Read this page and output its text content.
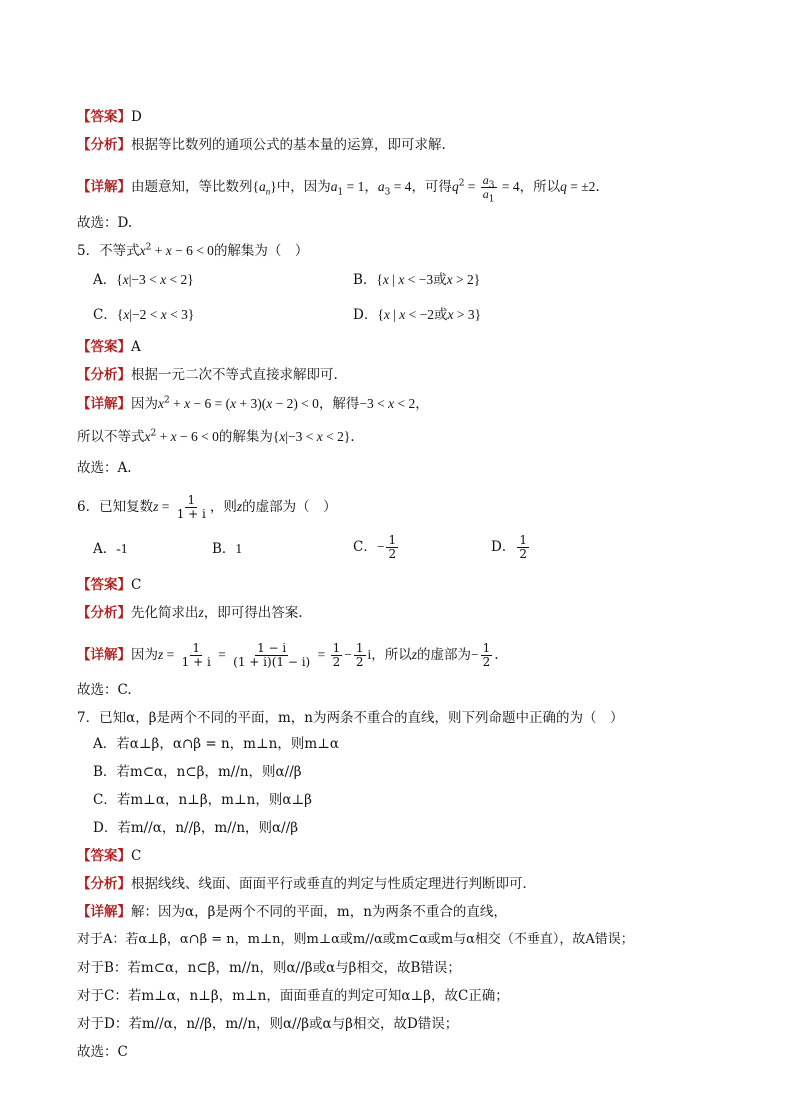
【答案】D
【分析】根据等比数列的通项公式的基本量的运算，即可求解.
【详解】由题意知，等比数列$\{a_n\}$中，因为$a_1 = 1$，$a_3 = 4$，可得$q^2 = \frac{a_3}{a_1} = 4$，所以q = ±2.
故选：D.
5．不等式$x^2 + x - 6 < 0$的解集为（　）
A．{x|−3 < x < 2}	B．{x | x < −3或x > 2}
C．{x|−2 < x < 3}	D．{x | x < −2或x > 3}
【答案】A
【分析】根据一元二次不等式直接求解即可.
【详解】因为$x^2 + x - 6 = (x + 3)(x - 2) < 0$，解得−3 < x < 2，
所以不等式$x^2 + x - 6 < 0$的解集为{x|−3 < x < 2}.
故选：A.
6．已知复数$z = \frac{1}{1 + i}$ ，则z的虚部为（　）
A．-1	B．1	C．− $\frac{1}{2}$	D． $\frac{1}{2}$
【答案】C
【分析】先化简求出z，即可得出答案.
【详解】因为$z = \frac{1}{1 + i} = \frac{1 - i}{(1 + i)(1 - i)} = \frac{1}{2} - \frac{1}{2}$ i，所以z的虚部为− $\frac{1}{2}$ .
故选：C.
7．已知α，β是两个不同的平面，m，n为两条不重合的直线，则下列命题中正确的为（　）
A．若α⊥β，α∩β = n，m⊥n，则m⊥α
B．若m⊂α，n⊂β，m//n，则α//β
C．若m⊥α，n⊥β，m⊥n，则α⊥β
D．若m//α，n//β，m//n，则α//β
【答案】C
【分析】根据线线、线面、面面平行或垂直的判定与性质定理进行判断即可．
【详解】解：因为α，β是两个不同的平面，m，n为两条不重合的直线，
对于A：若α⊥β，α∩β = n，m⊥n，则m⊥α或m//α或m⊂α或m与α相交（不垂直），故A错误；
对于B：若m⊂α，n⊂β，m//n，则α//β或α与β相交，故B错误；
对于C：若m⊥α，n⊥β，m⊥n，面面垂直的判定可知α⊥β，故C正确；
对于D：若m//α，n//β，m//n，则α//β或α与β相交，故D错误；
故选：C
